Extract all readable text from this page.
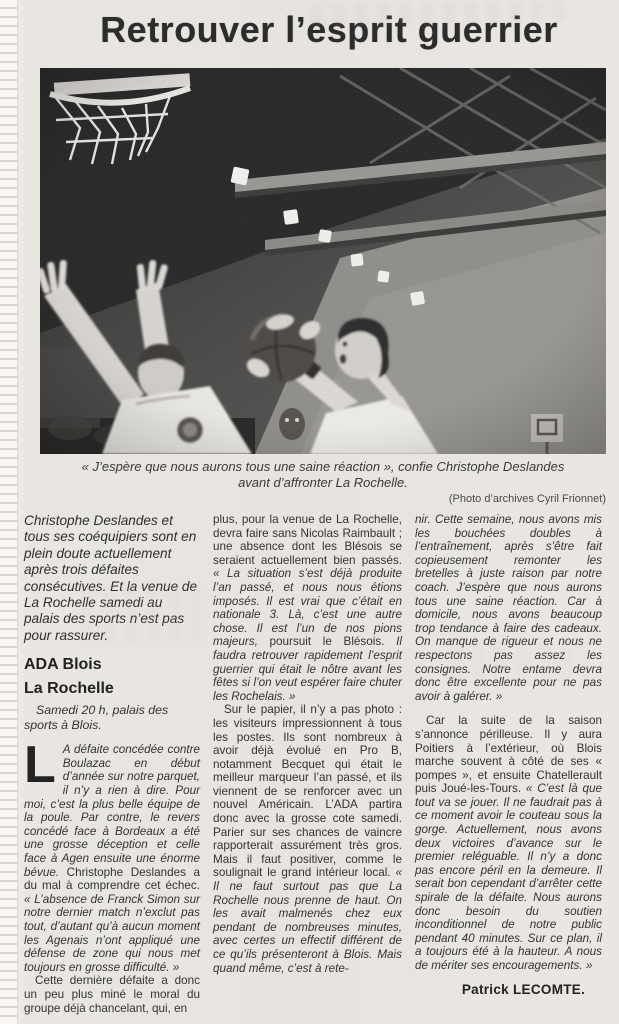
Retrouver l’esprit guerrier
« J’espère que nous aurons tous une saine réaction », confie Christophe Deslandes avant d’affronter La Rochelle.
(Photo d’archives Cyril Frionnet)

Christophe Deslandes et tous ses coéquipiers sont en plein doute actuellement après trois défaites consécutives. Et la venue de La Rochelle samedi au palais des sports n’est pas pour rassurer.

ADA Blois

La Rochelle

Samedi 20 h, palais des sports à Blois.

L A défaite concédée contre Boulazac en début d’année sur notre parquet, il n’y a rien à dire. Pour moi, c’est la plus belle équipe de la poule. Par contre, le revers concédé face à Bordeaux a été une grosse déception et celle face à Agen ensuite une énorme bévue. Christophe Deslandes a du mal à comprendre cet échec. « L’absence de Franck Simon sur notre dernier match n’exclut pas tout, d’autant qu’à aucun moment les Agenais n’ont appliqué une défense de zone qui nous met toujours en grosse difficulté. »

Cette dernière défaite a donc un peu plus miné le moral du groupe déjà chancelant, qui, en

plus, pour la venue de La Rochelle, devra faire sans Nicolas Raimbault ; une absence dont les Blésois se seraient actuellement bien passés. « La situation s’est déjà produite l’an passé, et nous nous étions imposés. Il est vrai que c’était en nationale 3. Là, c’est une autre chose. Il est l’un de nos pions majeurs, poursuit le Blésois. Il faudra retrouver rapidement l’esprit guerrier qui était le nôtre avant les fêtes si l’on veut espérer faire chuter les Rochelais. »

Sur le papier, il n’y a pas photo : les visiteurs impressionnent à tous les postes. Ils sont nombreux à avoir déjà évolué en Pro B, notamment Becquet qui était le meilleur marqueur l’an passé, et ils viennent de se renforcer avec un nouvel Américain. L’ADA partira donc avec la grosse cote samedi. Parier sur ses chances de vaincre rapporterait assurément très gros. Mais il faut positiver, comme le soulignait le grand intérieur local. « Il ne faut surtout pas que La Rochelle nous prenne de haut. On les avait malmenés chez eux pendant de nombreuses minutes, avec certes un effectif différent de ce qu’ils présenteront à Blois. Mais quand même, c’est à rete-

nir. Cette semaine, nous avons mis les bouchées doubles à l’entraînement, après s’être fait copieusement remonter les bretelles à juste raison par notre coach. J’espère que nous aurons tous une saine réaction. Car à domicile, nous avons beaucoup trop tendance à faire des cadeaux. On manque de rigueur et nous ne respectons pas assez les consignes. Notre entame devra donc être excellente pour ne pas avoir à galérer. »

Car la suite de la saison s’annonce périlleuse. Il y aura Poitiers à l’extérieur, où Blois marche souvent à côté de ses « pompes », et ensuite Chatellerault puis Joué-les-Tours. « C’est là que tout va se jouer. Il ne faudrait pas à ce moment avoir le couteau sous la gorge. Actuellement, nous avons deux victoires d’avance sur le premier reléguable. Il n’y a donc pas encore péril en la demeure. Il serait bon cependant d’arrêter cette spirale de la défaite. Nous aurons donc besoin du soutien inconditionnel de notre public pendant 40 minutes. Sur ce plan, il a toujours été à la hauteur. A nous de mériter ses encouragements. »

Patrick LECOMTE.
